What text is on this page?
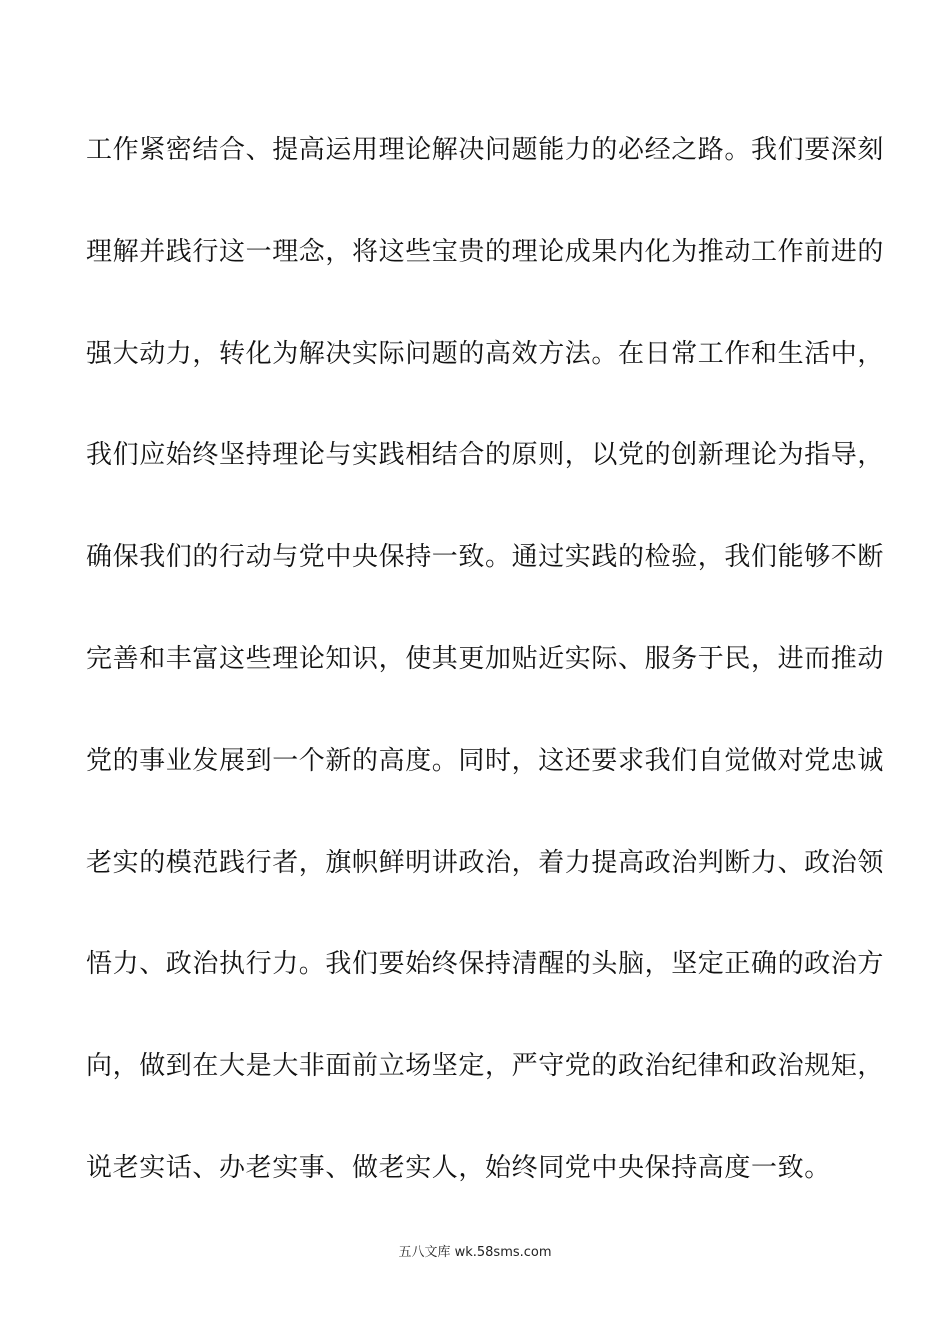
工作紧密结合、提高运用理论解决问题能力的必经之路。我们要深刻
理解并践行这一理念，将这些宝贵的理论成果内化为推动工作前进的
强大动力，转化为解决实际问题的高效方法。在日常工作和生活中，
我们应始终坚持理论与实践相结合的原则，以党的创新理论为指导，
确保我们的行动与党中央保持一致。通过实践的检验，我们能够不断
完善和丰富这些理论知识，使其更加贴近实际、服务于民，进而推动
党的事业发展到一个新的高度。同时，这还要求我们自觉做对党忠诚
老实的模范践行者，旗帜鲜明讲政治，着力提高政治判断力、政治领
悟力、政治执行力。我们要始终保持清醒的头脑，坚定正确的政治方
向，做到在大是大非面前立场坚定，严守党的政治纪律和政治规矩，
说老实话、办老实事、做老实人，始终同党中央保持高度一致。
五八文库 wk.58sms.com
